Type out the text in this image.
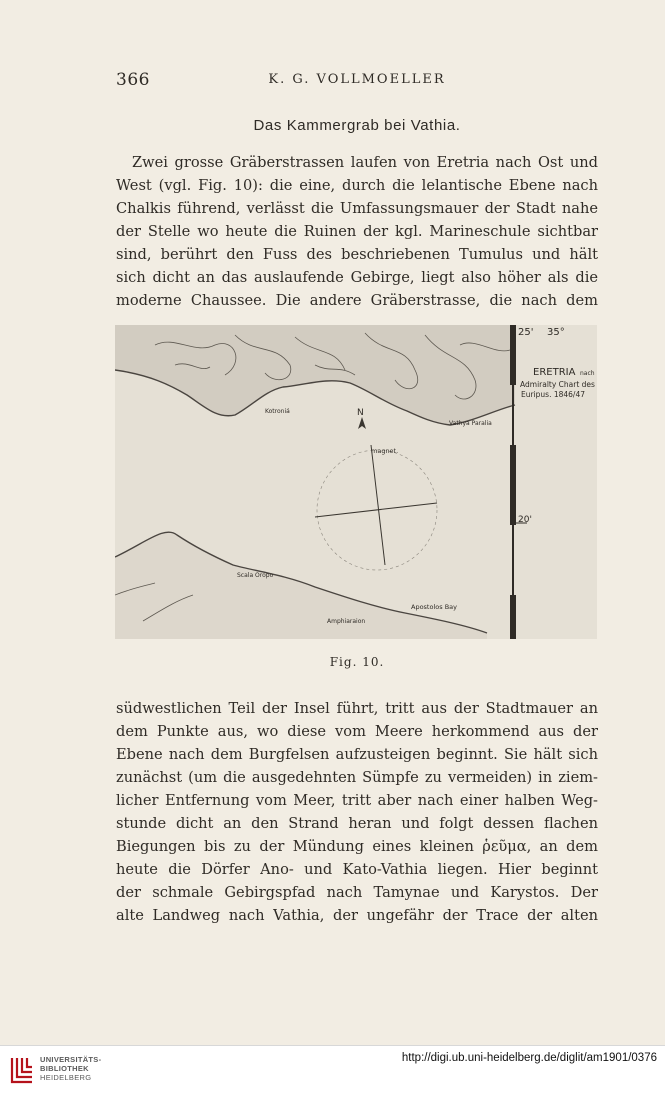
366	K. G. VOLLMOELLER
Das Kammergrab bei Vathia.
Zwei grosse Gräberstrassen laufen von Eretria nach Ost und
West (vgl. Fig. 10): die eine, durch die lelantische Ebene nach
Chalkis führend, verlässt die Umfassungsmauer der Stadt nahe
der Stelle wo heute die Ruinen der kgl. Marineschule sichtbar
sind, berührt den Fuss des beschriebenen Tumulus und hält
sich dicht an das auslaufende Gebirge, liegt also höher als die
moderne Chaussee. Die andere Gräberstrasse, die nach dem
25' 35°
ERETRIA nach
Admiralty Chart des
Euripus. 1846/47
20'
N
magnet.
Kotroniá
Vathya Paralia
Apostolos Bay
Scala Oropo
Amphiaraion
Fig. 10.
südwestlichen Teil der Insel führt, tritt aus der Stadtmauer an
dem Punkte aus, wo diese vom Meere herkommend aus der
Ebene nach dem Burgfelsen aufzusteigen beginnt. Sie hält sich
zunächst (um die ausgedehnten Sümpfe zu vermeiden) in ziem-
licher Entfernung vom Meer, tritt aber nach einer halben Weg-
stunde dicht an den Strand heran und folgt dessen flachen
Biegungen bis zu der Mündung eines kleinen ῥεῦμα, an dem
heute die Dörfer Ano- und Kato-Vathia liegen. Hier beginnt
der schmale Gebirgspfad nach Tamynae und Karystos. Der
alte Landweg nach Vathia, der ungefähr der Trace der alten
UNIVERSITÄTS-
BIBLIOTHEK
HEIDELBERG
http://digi.ub.uni-heidelberg.de/diglit/am1901/0376
